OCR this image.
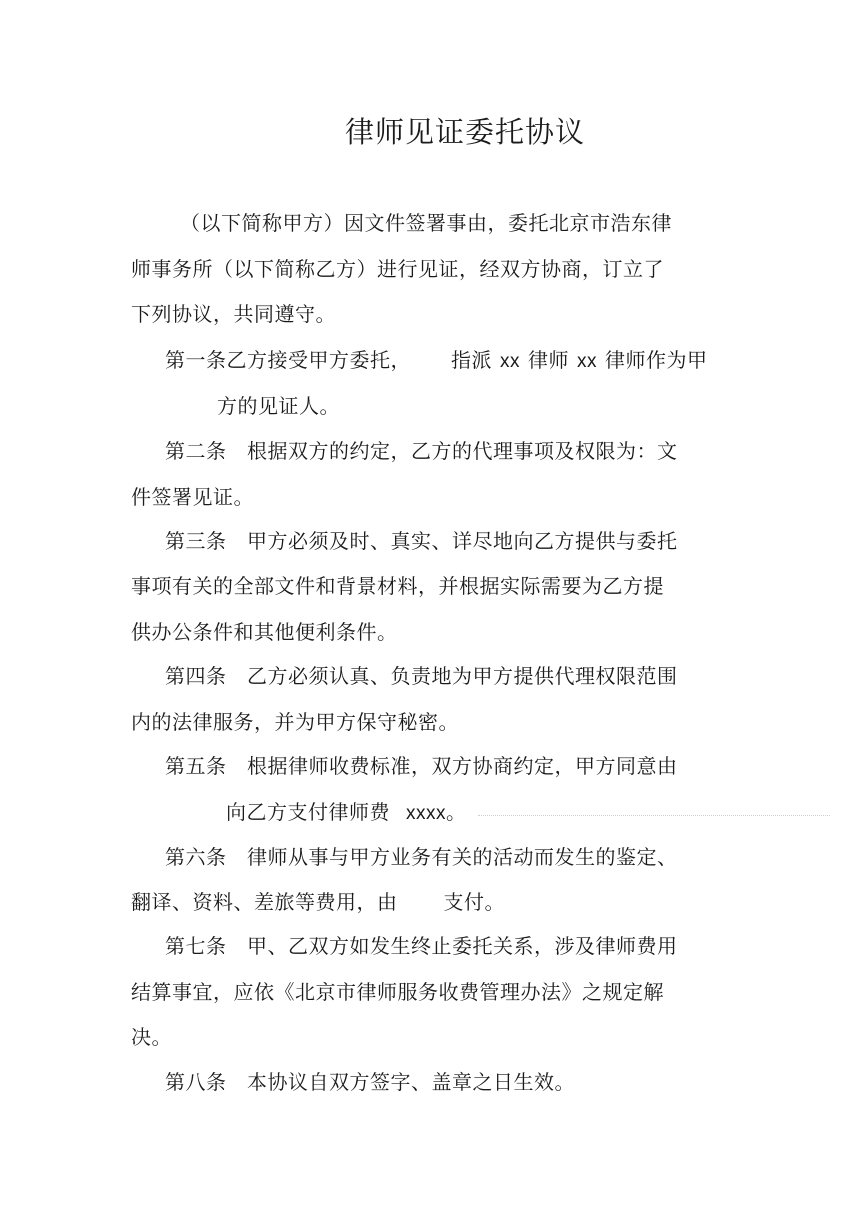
律师见证委托协议
（以下简称甲方）因文件签署事由，委托北京市浩东律
师事务所（以下简称乙方）进行见证，经双方协商，订立了
下列协议，共同遵守。
第一条乙方接受甲方委托， 指派 xx 律师 xx 律师作为甲
方的见证人。
第二条　根据双方的约定，乙方的代理事项及权限为：文
件签署见证。
第三条　甲方必须及时、真实、详尽地向乙方提供与委托
事项有关的全部文件和背景材料，并根据实际需要为乙方提
供办公条件和其他便利条件。
第四条　乙方必须认真、负责地为甲方提供代理权限范围
内的法律服务，并为甲方保守秘密。
第五条　根据律师收费标准，双方协商约定，甲方同意由
向乙方支付律师费 xxxx。
第六条　律师从事与甲方业务有关的活动而发生的鉴定、
翻译、资料、差旅等费用，由 支付。
第七条　甲、乙双方如发生终止委托关系，涉及律师费用
结算事宜，应依《北京市律师服务收费管理办法》之规定解
决。
第八条　本协议自双方签字、盖章之日生效。
